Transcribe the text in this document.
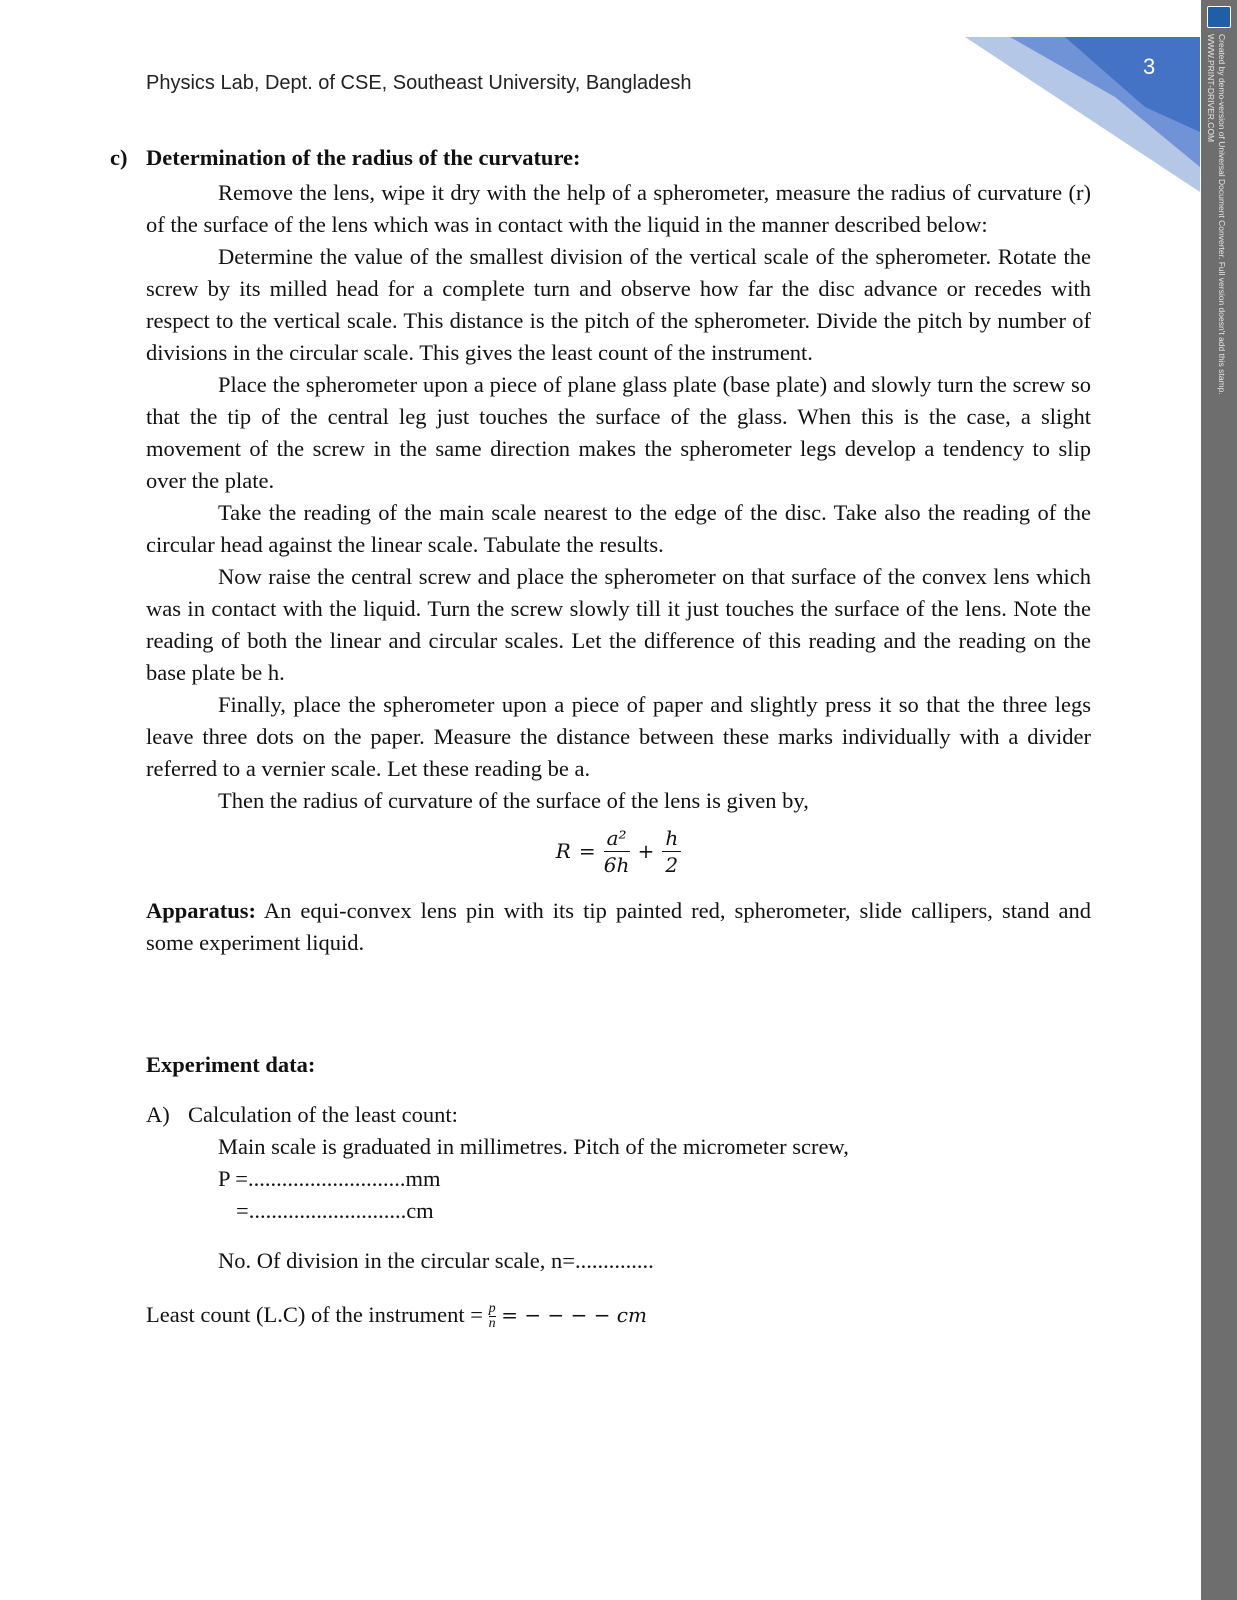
Physics Lab, Dept. of CSE, Southeast University, Bangladesh
3	Created by demo-version of Universal Document Converter. Full version doesn't add this stamp.
WWW.PRINT-DRIVER.COM
c) Determination of the radius of the curvature:

Remove the lens, wipe it dry with the help of a spherometer, measure the radius of curvature (r) of the surface of the lens which was in contact with the liquid in the manner described below:

Determine the value of the smallest division of the vertical scale of the spherometer. Rotate the screw by its milled head for a complete turn and observe how far the disc advance or recedes with respect to the vertical scale. This distance is the pitch of the spherometer. Divide the pitch by number of divisions in the circular scale. This gives the least count of the instrument.

Place the spherometer upon a piece of plane glass plate (base plate) and slowly turn the screw so that the tip of the central leg just touches the surface of the glass. When this is the case, a slight movement of the screw in the same direction makes the spherometer legs develop a tendency to slip over the plate.

Take the reading of the main scale nearest to the edge of the disc. Take also the reading of the circular head against the linear scale. Tabulate the results.

Now raise the central screw and place the spherometer on that surface of the convex lens which was in contact with the liquid. Turn the screw slowly till it just touches the surface of the lens. Note the reading of both the linear and circular scales. Let the difference of this reading and the reading on the base plate be h.

Finally, place the spherometer upon a piece of paper and slightly press it so that the three legs leave three dots on the paper. Measure the distance between these marks individually with a divider referred to a vernier scale. Let these reading be a.

Then the radius of curvature of the surface of the lens is given by,

$R = \frac{\text{a²}}{6h} + \frac{h}{2}$

Apparatus: An equi-convex lens pin with its tip painted red, spherometer, slide callipers, stand and some experiment liquid.

Experiment data:

A) Calculation of the least count:

Main scale is graduated in millimetres. Pitch of the micrometer screw,

P =............................mm

=............................cm

No. Of division in the circular scale, n=..............

Least count (L.C) of the instrument = $\frac{p}{n}$ = − − − − cm
